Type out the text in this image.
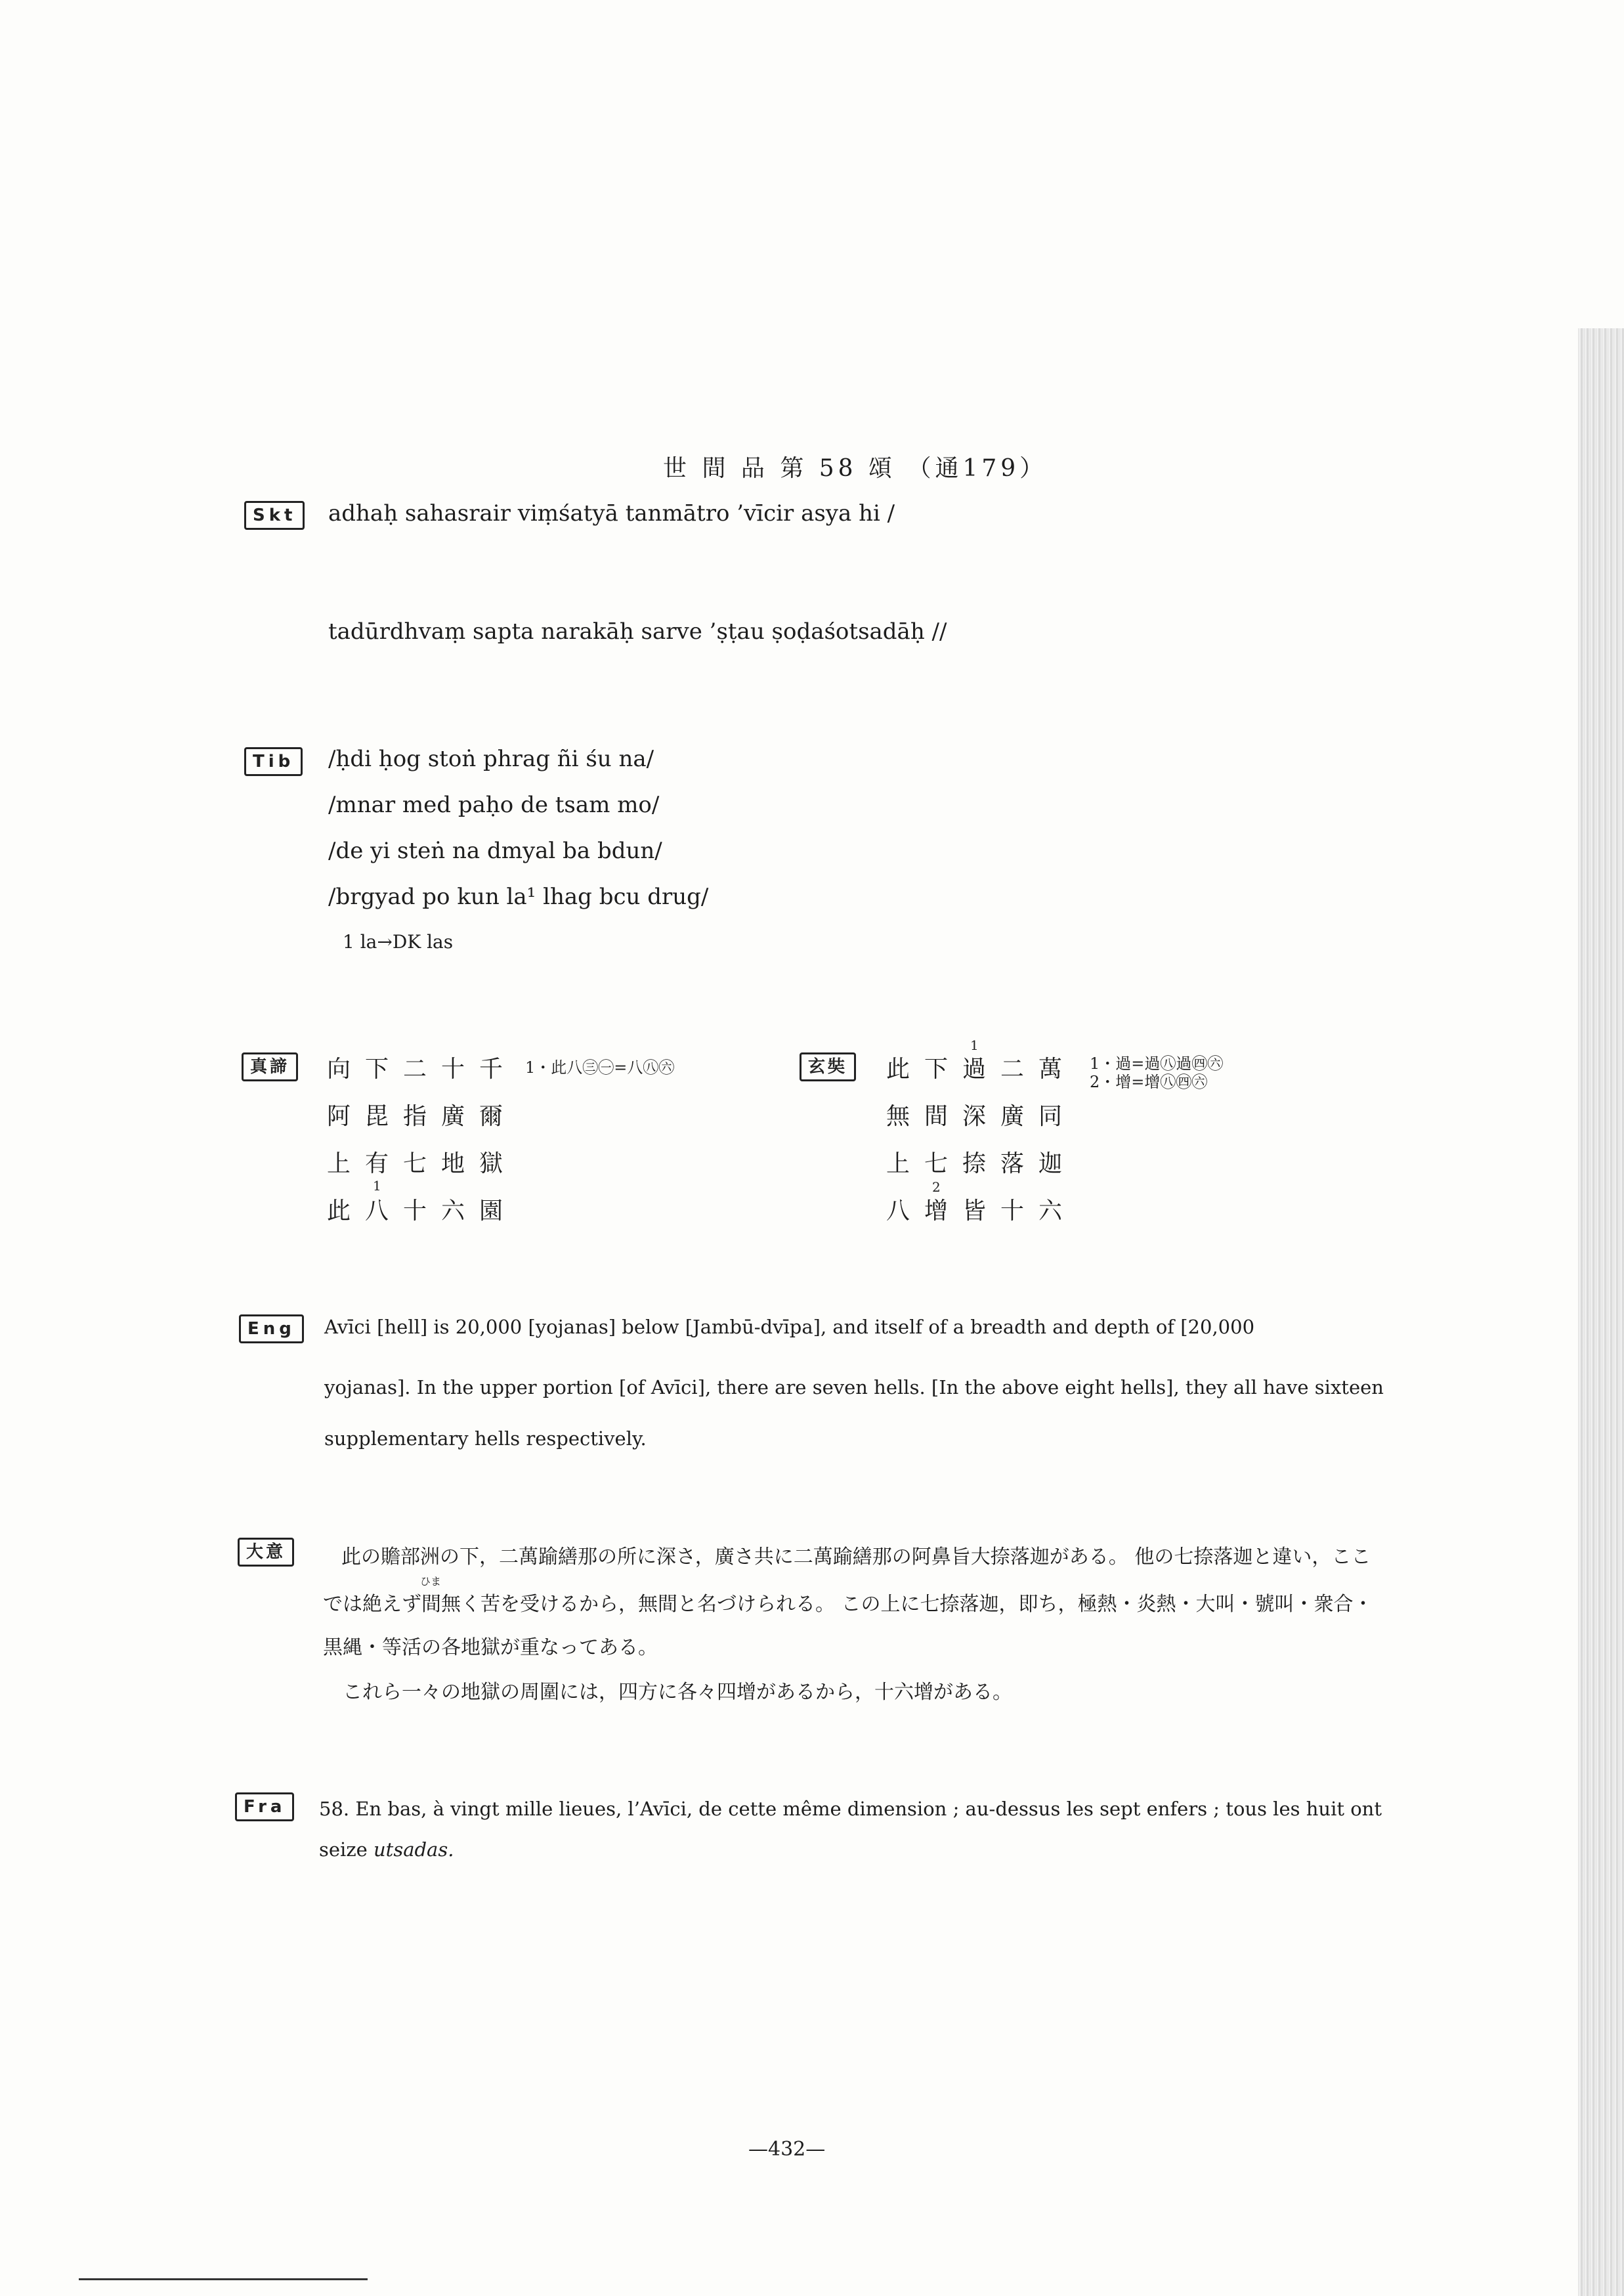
世 間 品 第 58 頌 （通179）
Skt	adhaḥ sahasrair viṃśatyā tanmātro ’vīcir asya hi /
tadūrdhvaṃ sapta narakāḥ sarve ’ṣṭau ṣoḍaśotsadāḥ //
Tib	/ḥdi ḥog stoṅ phrag ñi śu na/
/mnar med paḥo de tsam mo/
/de yi steṅ na dmyal ba bdun/
/brgyad po kun la¹ lhag bcu drug/
1 la→DK las
真諦	向下二十千
阿毘指廣爾
上有七地獄
1
此八十六園
1・此八㊂㊀=八㊇㊅	玄奘
1
此下過二萬
無間深廣同
上七捺落迦
2
八增皆十六
1・過=過㊇過㊃㊅
2・增=增㊇㊃㊅
Eng	Avīci [hell] is 20,000 [yojanas] below [Jambū-dvīpa], and itself of a breadth and depth of [20,000
yojanas]. In the upper portion [of Avīci], there are seven hells. [In the above eight hells], they all have sixteen
supplementary hells respectively.
大意	此の贍部洲の下，二萬踰繕那の所に深さ，廣さ共に二萬踰繕那の阿鼻旨大捺落迦がある。 他の七捺落迦と違い，ここ
ひま
では絶えず間無く苦を受けるから，無間と名づけられる。 この上に七捺落迦，即ち，極熱・炎熱・大叫・號叫・衆合・
黒縄・等活の各地獄が重なってある。
これら一々の地獄の周圍には，四方に各々四增があるから，十六增がある。
Fra	58. En bas, à vingt mille lieues, l’Avīci, de cette même dimension ; au-dessus les sept enfers ; tous les huit ont
seize utsadas.
—432—
